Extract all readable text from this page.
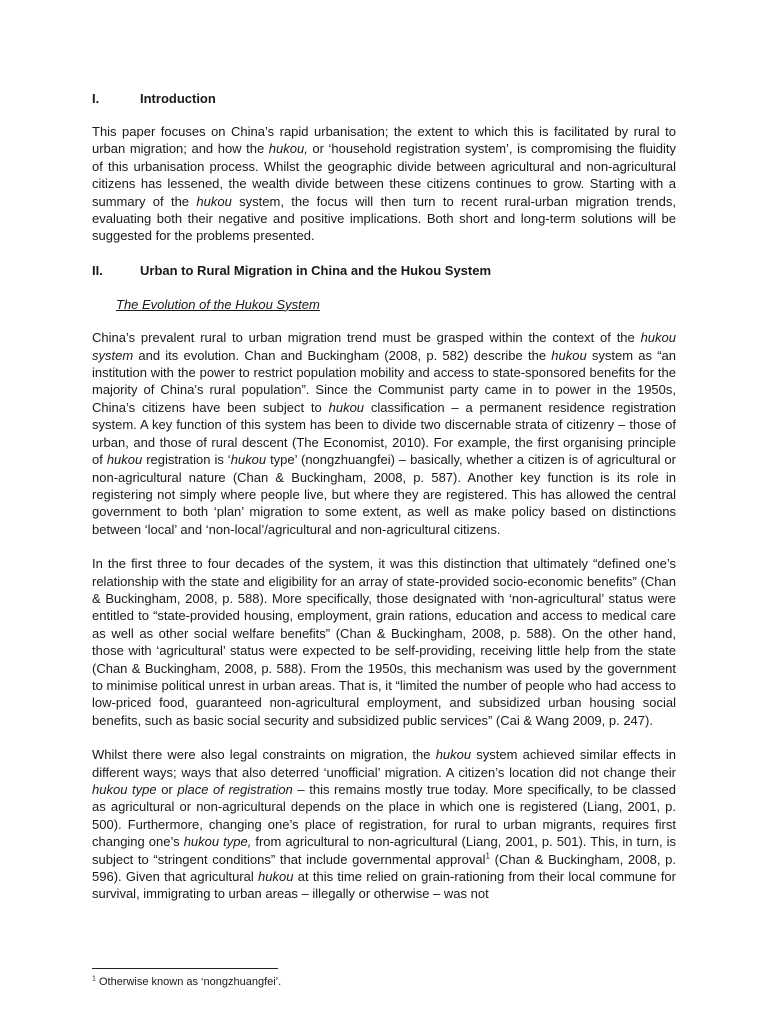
I.	Introduction

This paper focuses on China’s rapid urbanisation; the extent to which this is facilitated by rural to urban migration; and how the hukou, or ‘household registration system’, is compromising the fluidity of this urbanisation process. Whilst the geographic divide between agricultural and non-agricultural citizens has lessened, the wealth divide between these citizens continues to grow. Starting with a summary of the hukou system, the focus will then turn to recent rural-urban migration trends, evaluating both their negative and positive implications. Both short and long-term solutions will be suggested for the problems presented.

II.	Urban to Rural Migration in China and the Hukou System

The Evolution of the Hukou System

China’s prevalent rural to urban migration trend must be grasped within the context of the hukou system and its evolution. Chan and Buckingham (2008, p. 582) describe the hukou system as “an institution with the power to restrict population mobility and access to state-sponsored benefits for the majority of China’s rural population”. Since the Communist party came in to power in the 1950s, China’s citizens have been subject to hukou classification – a permanent residence registration system. A key function of this system has been to divide two discernable strata of citizenry – those of urban, and those of rural descent (The Economist, 2010). For example, the first organising principle of hukou registration is ‘hukou type’ (nongzhuangfei) – basically, whether a citizen is of agricultural or non-agricultural nature (Chan & Buckingham, 2008, p. 587). Another key function is its role in registering not simply where people live, but where they are registered. This has allowed the central government to both ‘plan’ migration to some extent, as well as make policy based on distinctions between ‘local’ and ‘non-local’/agricultural and non-agricultural citizens.

In the first three to four decades of the system, it was this distinction that ultimately “defined one’s relationship with the state and eligibility for an array of state-provided socio-economic benefits” (Chan & Buckingham, 2008, p. 588). More specifically, those designated with ‘non-agricultural’ status were entitled to “state-provided housing, employment, grain rations, education and access to medical care as well as other social welfare benefits” (Chan & Buckingham, 2008, p. 588). On the other hand, those with ‘agricultural’ status were expected to be self-providing, receiving little help from the state (Chan & Buckingham, 2008, p. 588). From the 1950s, this mechanism was used by the government to minimise political unrest in urban areas. That is, it “limited the number of people who had access to low-priced food, guaranteed non-agricultural employment, and subsidized urban housing social benefits, such as basic social security and subsidized public services” (Cai & Wang 2009, p. 247).

Whilst there were also legal constraints on migration, the hukou system achieved similar effects in different ways; ways that also deterred ‘unofficial’ migration. A citizen’s location did not change their hukou type or place of registration – this remains mostly true today. More specifically, to be classed as agricultural or non-agricultural depends on the place in which one is registered (Liang, 2001, p. 500). Furthermore, changing one’s place of registration, for rural to urban migrants, requires first changing one’s hukou type, from agricultural to non-agricultural (Liang, 2001, p. 501). This, in turn, is subject to “stringent conditions” that include governmental approval$^1$ (Chan & Buckingham, 2008, p. 596). Given that agricultural hukou at this time relied on grain-rationing from their local commune for survival, immigrating to urban areas – illegally or otherwise – was not

$^1$ Otherwise known as ‘nongzhuangfei’.
